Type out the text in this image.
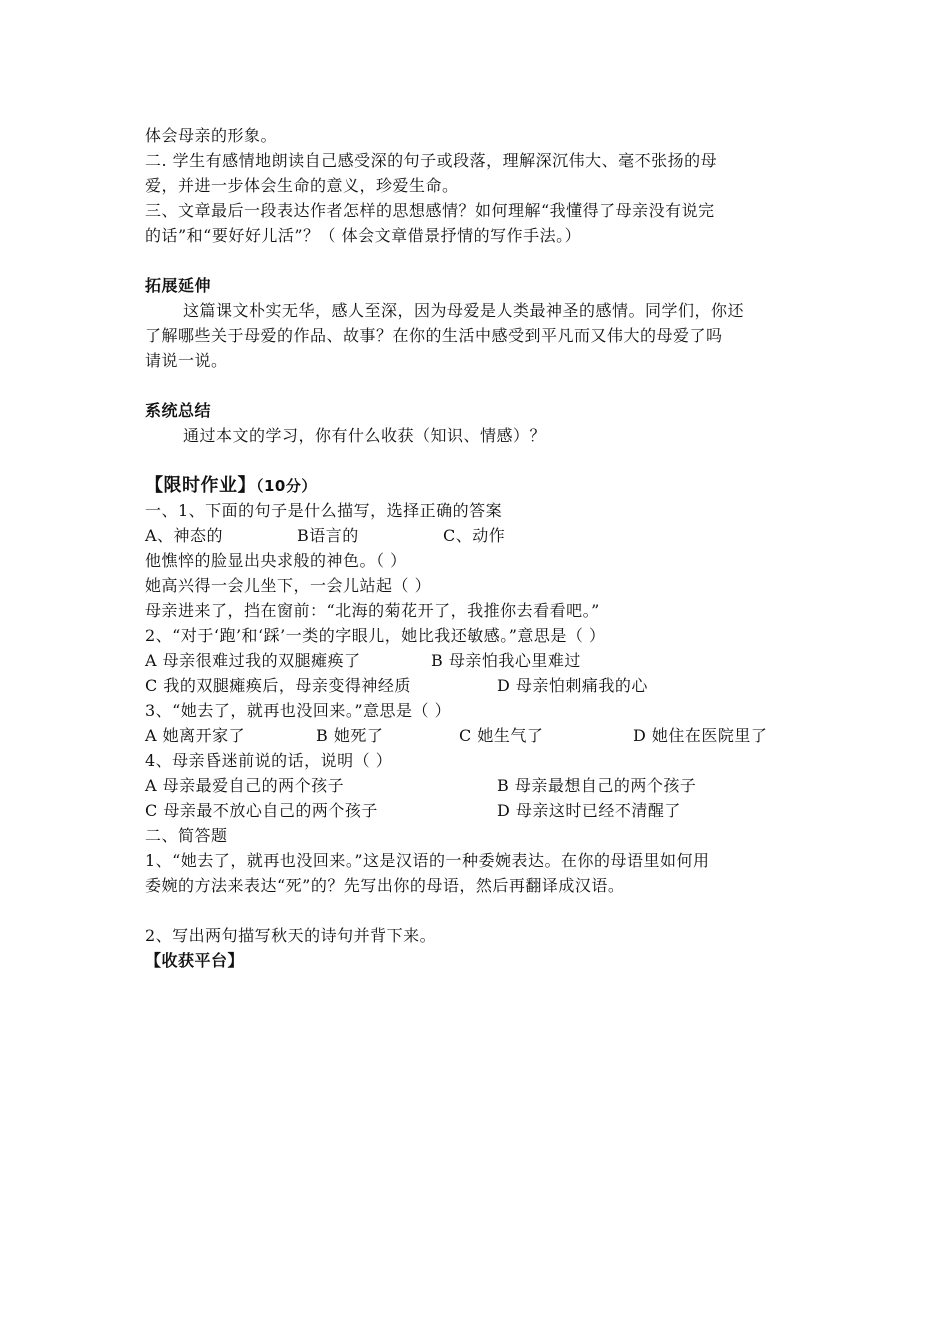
体会母亲的形象。
二. 学生有感情地朗读自己感受深的句子或段落，理解深沉伟大、毫不张扬的母
爱，并进一步体会生命的意义，珍爱生命。
三、文章最后一段表达作者怎样的思想感情？如何理解“我懂得了母亲没有说完
的话”和“要好好儿活”？（ 体会文章借景抒情的写作手法。）
拓展延伸
这篇课文朴实无华，感人至深，因为母爱是人类最神圣的感情。同学们，你还
了解哪些关于母爱的作品、故事？在你的生活中感受到平凡而又伟大的母爱了吗
请说一说。
系统总结
通过本文的学习，你有什么收获（知识、情感）？
【限时作业】（10分）
一、1、下面的句子是什么描写，选择正确的答案
A、神态的	B语言的	C、动作
他憔悴的脸显出央求般的神色。（ ）
她高兴得一会儿坐下，一会儿站起（ ）
母亲进来了，挡在窗前：“北海的菊花开了，我推你去看看吧。”
2、“对于‘跑’和‘踩’一类的字眼儿，她比我还敏感。”意思是（ ）
A 母亲很难过我的双腿瘫痪了	B 母亲怕我心里难过
C 我的双腿瘫痪后，母亲变得神经质	D 母亲怕刺痛我的心
3、“她去了，就再也没回来。”意思是（ ）
A 她离开家了	B 她死了	C 她生气了	D 她住在医院里了
4、母亲昏迷前说的话，说明（ ）
A 母亲最爱自己的两个孩子	B 母亲最想自己的两个孩子
C 母亲最不放心自己的两个孩子	D 母亲这时已经不清醒了
二、简答题
1、“她去了，就再也没回来。”这是汉语的一种委婉表达。在你的母语里如何用
委婉的方法来表达“死”的？先写出你的母语，然后再翻译成汉语。
2、写出两句描写秋天的诗句并背下来。
【收获平台】
